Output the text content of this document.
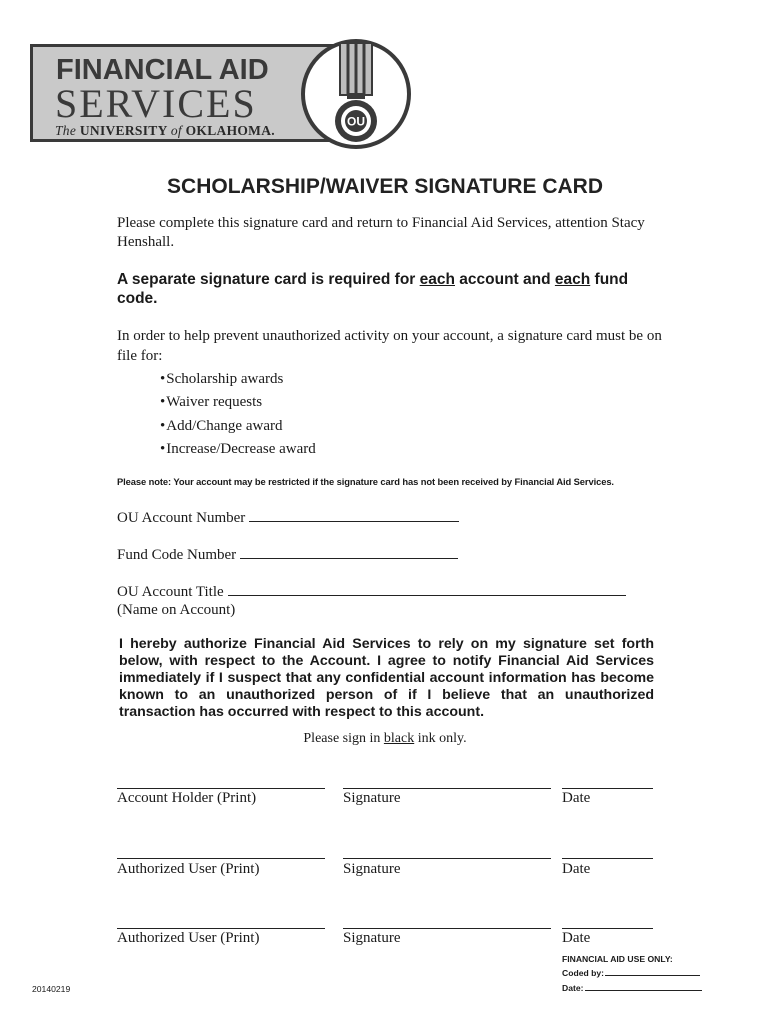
FINANCIAL AID
SERVICES
The UNIVERSITY of OKLAHOMA.
OU
SCHOLARSHIP/WAIVER SIGNATURE CARD
Please complete this signature card and return to Financial Aid Services, attention Stacy Henshall.
A separate signature card is required for each account and each fund code.
In order to help prevent unauthorized activity on your account, a signature card must be on file for:
• Scholarship awards
• Waiver requests
• Add/Change award
• Increase/Decrease award
Please note: Your account may be restricted if the signature card has not been received by Financial Aid Services.
OU Account Number
Fund Code Number
OU Account Title
(Name on Account)
I hereby authorize Financial Aid Services to rely on my signature set forth below, with respect to the Account. I agree to notify Financial Aid Services immediately if I suspect that any confidential account information has become known to an unauthorized person of if I believe that an unauthorized transaction has occurred with respect to this account.
Please sign in black ink only.
Account Holder (Print)	Signature	Date
Authorized User (Print)	Signature	Date
Authorized User (Print)	Signature	Date
FINANCIAL AID USE ONLY:
Coded by:
Date:
20140219
